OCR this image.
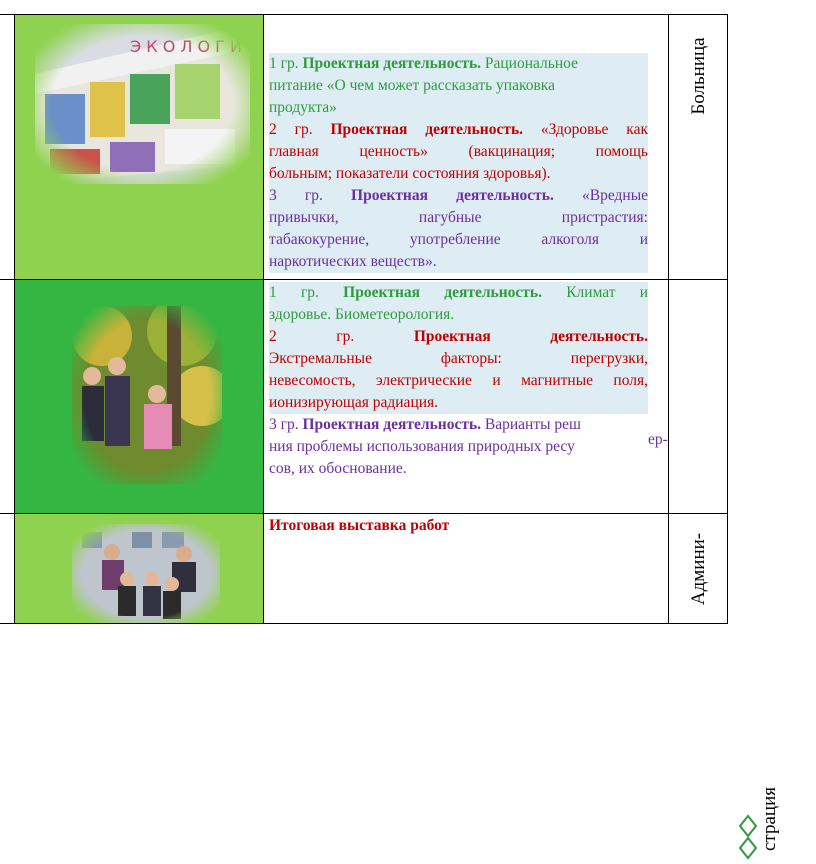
1 гр. Проектная деятельность. Рациональное
питание «О чем может рассказать упаковка
продукта»
2 гр. Проектная деятельность. «Здоровье как
главная ценность» (вакцинация; помощь
больным; показатели состояния здоровья).
3 гр. Проектная деятельность. «Вредные
привычки, пагубные пристрастия:
табакокурение, употребление алкоголя и
наркотических веществ».
1 гр. Проектная деятельность. Климат и
здоровье. Биометеорология.
2 гр. Проектная деятельность.
Экстремальные факторы: перегрузки,
невесомость, электрические и магнитные поля,
ионизирующая радиация.
3 гр. Проектная деятельность. Варианты реш
ния проблемы использования природных ресу
сов, их обоснование.
Итоговая выставка работ
Больница
Админи-
ер-
страция
